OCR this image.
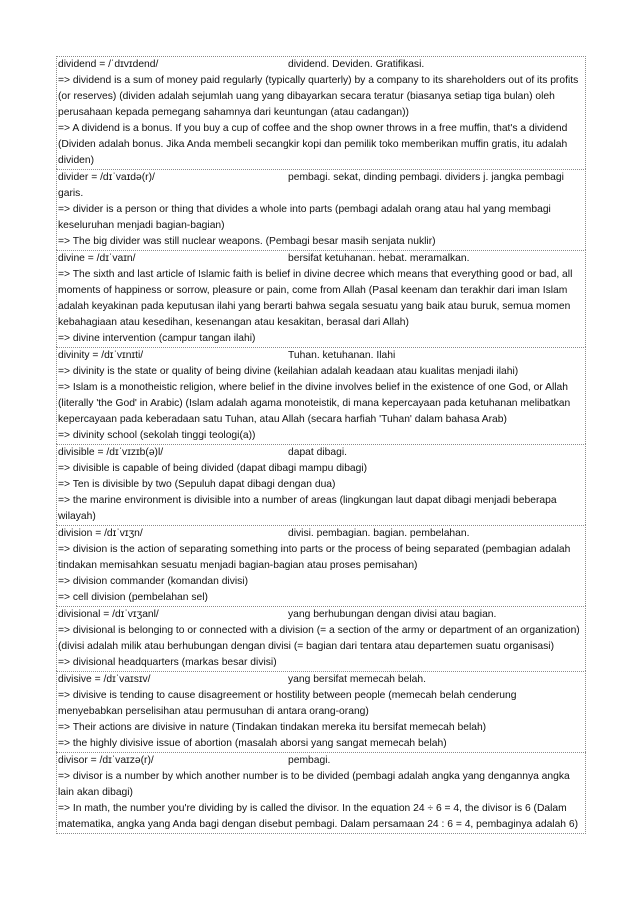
dividend = /ˈdɪvɪdend/	dividend. Deviden. Gratifikasi.

=> dividend is a sum of money paid regularly (typically quarterly) by a company to its shareholders out of its profits (or reserves) (dividen adalah sejumlah uang yang dibayarkan secara teratur (biasanya setiap tiga bulan) oleh perusahaan kepada pemegang sahamnya dari keuntungan (atau cadangan))

=> A dividend is a bonus. If you buy a cup of coffee and the shop owner throws in a free muffin, that's a dividend (Dividen adalah bonus. Jika Anda membeli secangkir kopi dan pemilik toko memberikan muffin gratis, itu adalah dividen)

divider = /dɪˈvaɪdə(r)/	pembagi. sekat, dinding pembagi. dividers j. jangka pembagi garis.

=> divider is a person or thing that divides a whole into parts (pembagi adalah orang atau hal yang membagi keseluruhan menjadi bagian-bagian)

=> The big divider was still nuclear weapons. (Pembagi besar masih senjata nuklir)

divine = /dɪˈvaɪn/	bersifat ketuhanan. hebat. meramalkan.

=> The sixth and last article of Islamic faith is belief in divine decree which means that everything good or bad, all moments of happiness or sorrow, pleasure or pain, come from Allah (Pasal keenam dan terakhir dari iman Islam adalah keyakinan pada keputusan ilahi yang berarti bahwa segala sesuatu yang baik atau buruk, semua momen kebahagiaan atau kesedihan, kesenangan atau kesakitan, berasal dari Allah)

=> divine intervention (campur tangan ilahi)

divinity = /dɪˈvɪnɪti/	Tuhan. ketuhanan. Ilahi

=> divinity is the state or quality of being divine (keilahian adalah keadaan atau kualitas menjadi ilahi)

=> Islam is a monotheistic religion, where belief in the divine involves belief in the existence of one God, or Allah (literally 'the God' in Arabic) (Islam adalah agama monoteistik, di mana kepercayaan pada ketuhanan melibatkan kepercayaan pada keberadaan satu Tuhan, atau Allah (secara harfiah 'Tuhan' dalam bahasa Arab)

=> divinity school (sekolah tinggi teologi(a))

divisible = /dɪˈvɪzɪb(ə)l/	dapat dibagi.

=> divisible is capable of being divided (dapat dibagi mampu dibagi)

=> Ten is divisible by two (Sepuluh dapat dibagi dengan dua)

=> the marine environment is divisible into a number of areas (lingkungan laut dapat dibagi menjadi beberapa wilayah)

division = /dɪˈvɪʒn/	divisi. pembagian. bagian. pembelahan.

=> division is the action of separating something into parts or the process of being separated (pembagian adalah tindakan memisahkan sesuatu menjadi bagian-bagian atau proses pemisahan)

=> division commander (komandan divisi)

=> cell division (pembelahan sel)

divisional = /dɪˈvɪʒanl/	yang berhubungan dengan divisi atau bagian.

=> divisional is belonging to or connected with a division (= a section of the army or department of an organization) (divisi adalah milik atau berhubungan dengan divisi (= bagian dari tentara atau departemen suatu organisasi)

=> divisional headquarters (markas besar divisi)

divisive = /dɪˈvaɪsɪv/	yang bersifat memecah belah.

=> divisive is tending to cause disagreement or hostility between people (memecah belah cenderung menyebabkan perselisihan atau permusuhan di antara orang-orang)

=> Their actions are divisive in nature (Tindakan tindakan mereka itu bersifat memecah belah)

=> the highly divisive issue of abortion (masalah aborsi yang sangat memecah belah)

divisor = /dɪˈvaɪzə(r)/	pembagi.

=> divisor is a number by which another number is to be divided (pembagi adalah angka yang dengannya angka lain akan dibagi)

=> In math, the number you're dividing by is called the divisor. In the equation 24 ÷ 6 = 4, the divisor is 6 (Dalam matematika, angka yang Anda bagi dengan disebut pembagi. Dalam persamaan 24 : 6 = 4, pembaginya adalah 6)
